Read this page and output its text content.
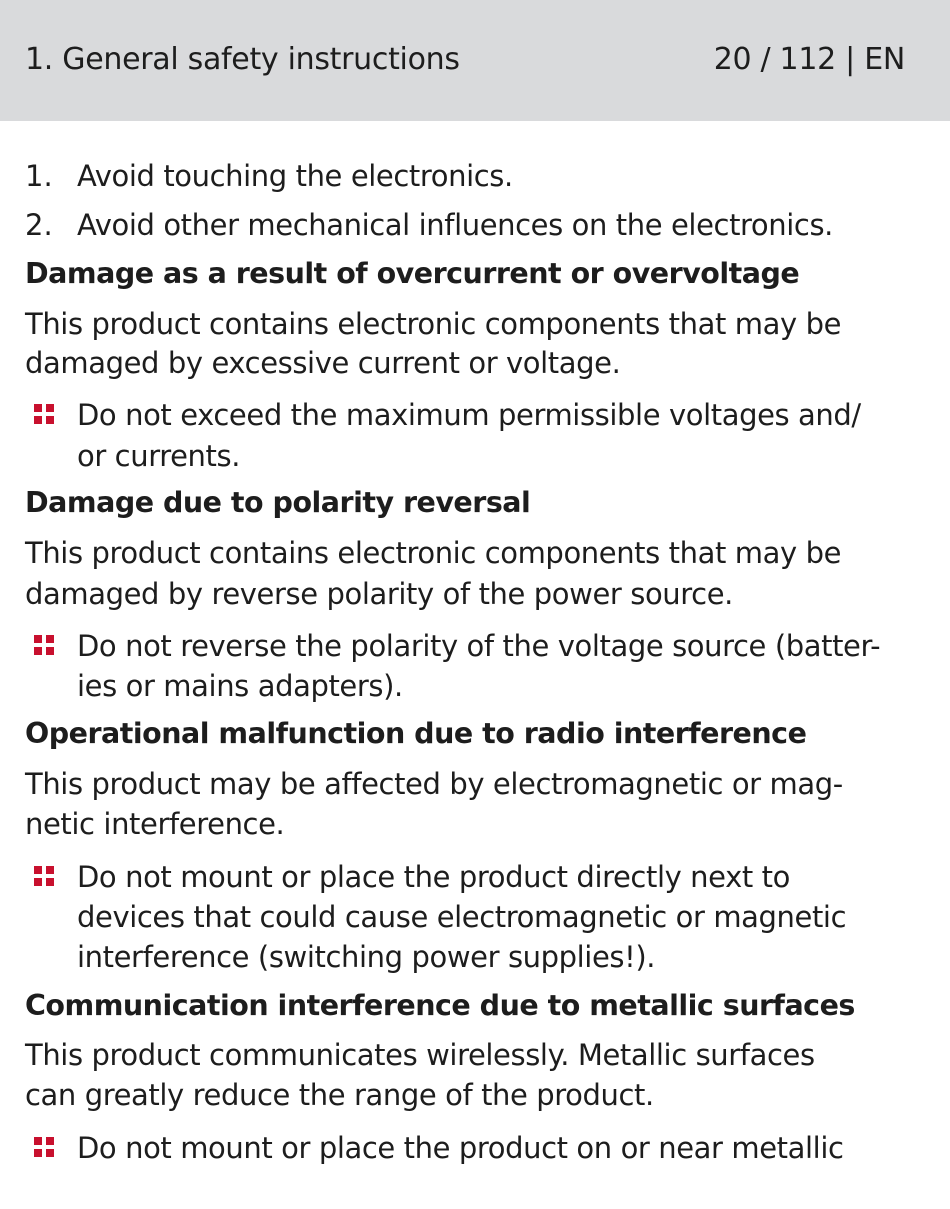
1. General safety instructions	20 / 112 | EN
1. Avoid touching the electronics.
2. Avoid other mechanical influences on the electronics.
Damage as a result of overcurrent or overvoltage
This product contains electronic components that may be
damaged by excessive current or voltage.
Do not exceed the maximum permissible voltages and/
or currents.
Damage due to polarity reversal
This product contains electronic components that may be
damaged by reverse polarity of the power source.
Do not reverse the polarity of the voltage source (batter-
ies or mains adapters).
Operational malfunction due to radio interference
This product may be affected by electromagnetic or mag-
netic interference.
Do not mount or place the product directly next to
devices that could cause electromagnetic or magnetic
interference (switching power supplies!).
Communication interference due to metallic surfaces
This product communicates wirelessly. Metallic surfaces
can greatly reduce the range of the product.
Do not mount or place the product on or near metallic
